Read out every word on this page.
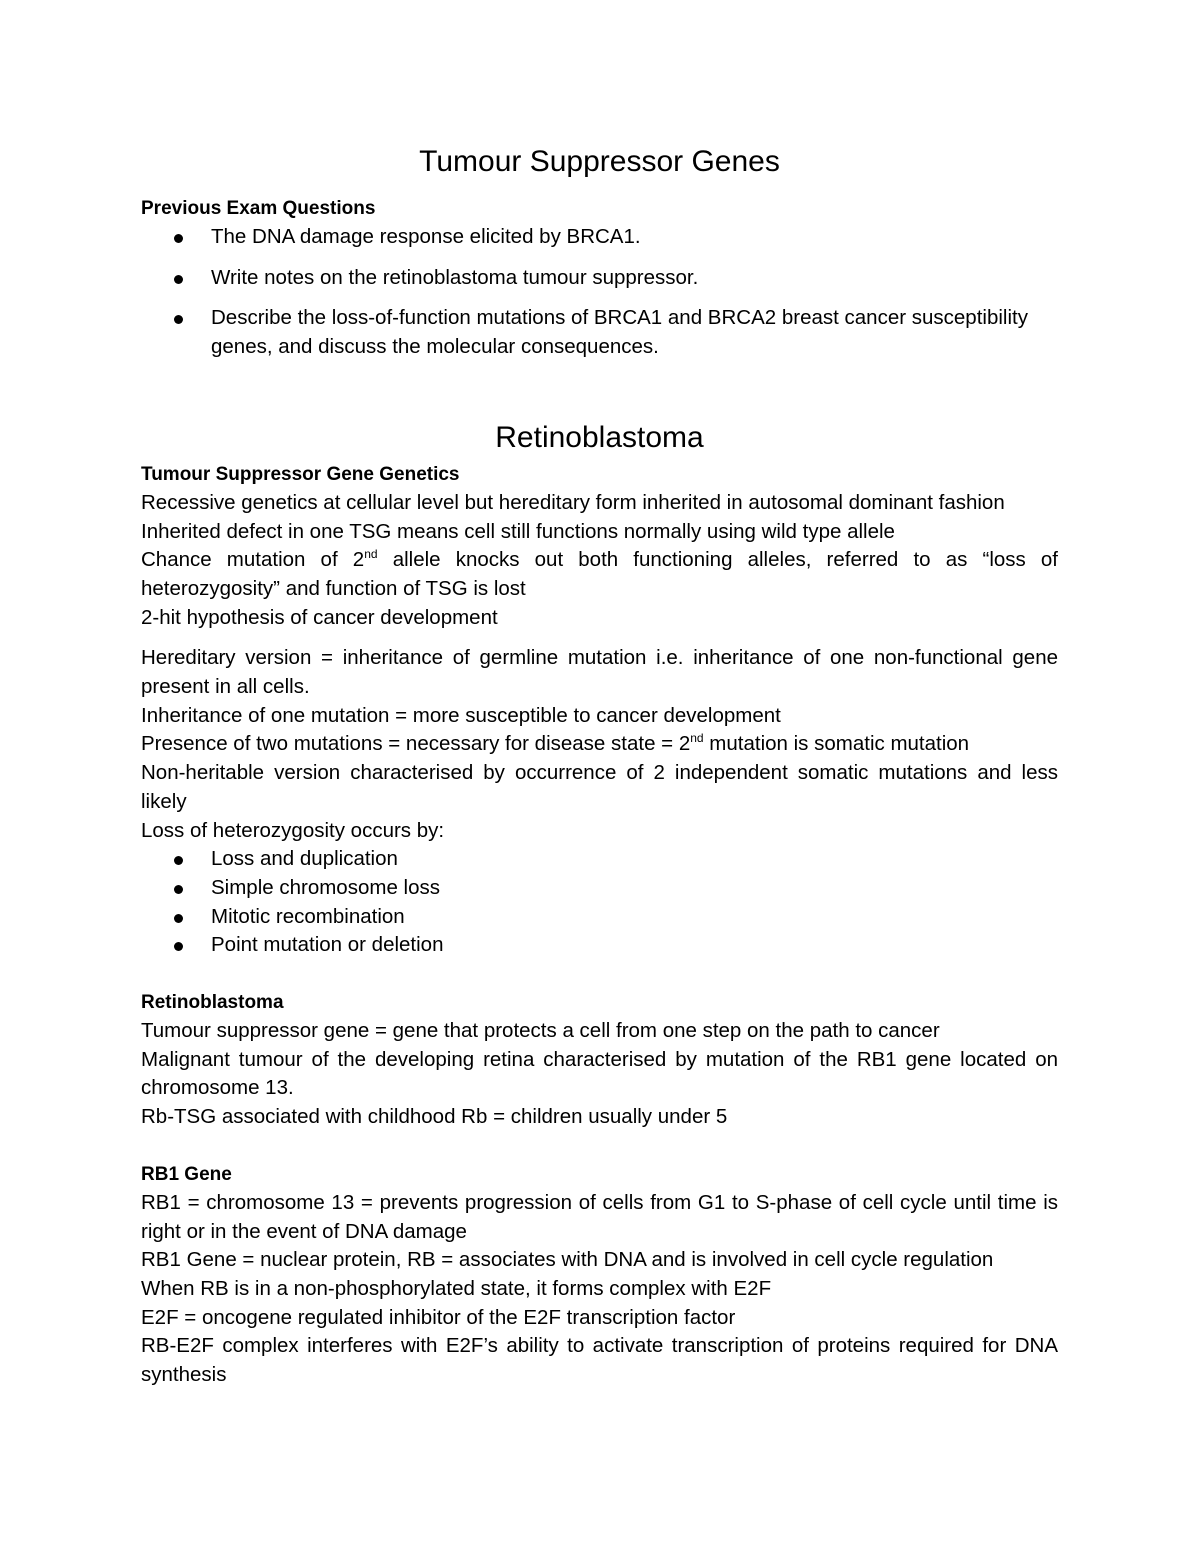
Tumour Suppressor Genes
Previous Exam Questions
The DNA damage response elicited by BRCA1.
Write notes on the retinoblastoma tumour suppressor.
Describe the loss-of-function mutations of BRCA1 and BRCA2 breast cancer susceptibility genes, and discuss the molecular consequences.
Retinoblastoma
Tumour Suppressor Gene Genetics
Recessive genetics at cellular level but hereditary form inherited in autosomal dominant fashion
Inherited defect in one TSG means cell still functions normally using wild type allele
Chance mutation of 2nd allele knocks out both functioning alleles, referred to as “loss of heterozygosity” and function of TSG is lost
2-hit hypothesis of cancer development
Hereditary version = inheritance of germline mutation i.e. inheritance of one non-functional gene present in all cells.
Inheritance of one mutation = more susceptible to cancer development
Presence of two mutations = necessary for disease state = 2nd mutation is somatic mutation
Non-heritable version characterised by occurrence of 2 independent somatic mutations and less likely
Loss of heterozygosity occurs by:
Loss and duplication
Simple chromosome loss
Mitotic recombination
Point mutation or deletion
Retinoblastoma
Tumour suppressor gene = gene that protects a cell from one step on the path to cancer
Malignant tumour of the developing retina characterised by mutation of the RB1 gene located on chromosome 13.
Rb-TSG associated with childhood Rb = children usually under 5
RB1 Gene
RB1 = chromosome 13 = prevents progression of cells from G1 to S-phase of cell cycle until time is right or in the event of DNA damage
RB1 Gene = nuclear protein, RB = associates with DNA and is involved in cell cycle regulation
When RB is in a non-phosphorylated state, it forms complex with E2F
E2F = oncogene regulated inhibitor of the E2F transcription factor
RB-E2F complex interferes with E2F’s ability to activate transcription of proteins required for DNA synthesis
